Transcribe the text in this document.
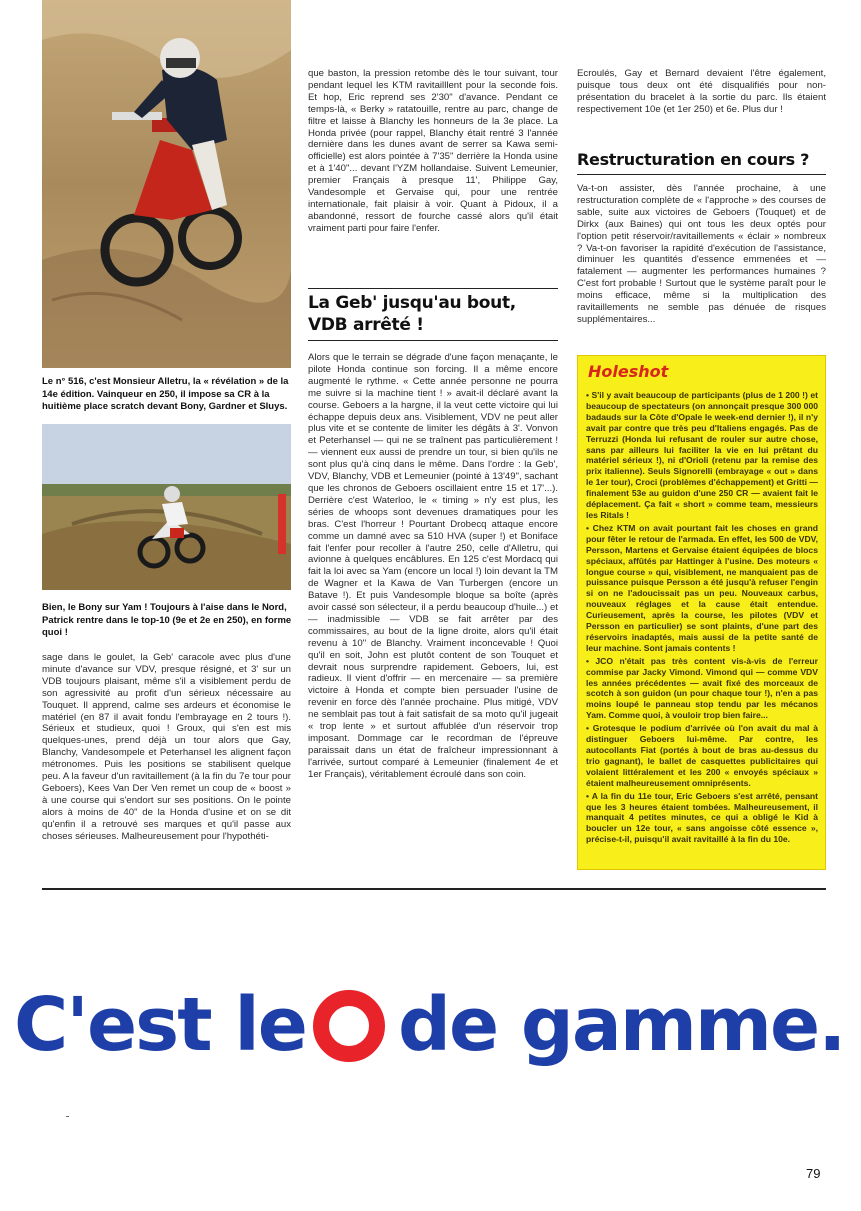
Le n° 516, c'est Monsieur Alletru, la « révélation » de la 14e édition. Vainqueur en 250, il impose sa CR à la huitième place scratch devant Bony, Gardner et Sluys.
Bien, le Bony sur Yam ! Toujours à l'aise dans le Nord, Patrick rentre dans le top-10 (9e et 2e en 250), en forme quoi !
sage dans le goulet, la Geb' caracole avec plus d'une minute d'avance sur VDV, presque résigné, et 3' sur un VDB toujours plaisant, même s'il a visiblement perdu de son agressivité au profit d'un sérieux nécessaire au Touquet. Il apprend, calme ses ardeurs et économise le matériel (en 87 il avait fondu l'embrayage en 2 tours !). Sérieux et studieux, quoi ! Groux, qui s'en est mis quelques-unes, prend déjà un tour alors que Gay, Blanchy, Vandesompele et Peterhansel les alignent façon métronomes. Puis les positions se stabilisent quelque peu. A la faveur d'un ravitaillement (à la fin du 7e tour pour Geboers), Kees Van Der Ven remet un coup de « boost » à une course qui s'endort sur ses positions. On le pointe alors à moins de 40" de la Honda d'usine et on se dit qu'enfin il a retrouvé ses marques et qu'il passe aux choses sérieuses. Malheureusement pour l'hypothéti-
que baston, la pression retombe dès le tour suivant, tour pendant lequel les KTM ravitailllent pour la seconde fois. Et hop, Eric reprend ses 2'30" d'avance. Pendant ce temps-là, « Berky » ratatouille, rentre au parc, change de filtre et laisse à Blanchy les honneurs de la 3e place. La Honda privée (pour rappel, Blanchy était rentré 3 l'année dernière dans les dunes avant de serrer sa Kawa semi-officielle) est alors pointée à 7'35" derrière la Honda usine et à 1'40"... devant l'YZM hollandaise. Suivent Lemeunier, premier Français à presque 11', Philippe Gay, Vandesomple et Gervaise qui, pour une rentrée internationale, fait plaisir à voir. Quant à Pidoux, il a abandonné, ressort de fourche cassé alors qu'il était vraiment parti pour faire l'enfer.
La Geb' jusqu'au bout, VDB arrêté !
Alors que le terrain se dégrade d'une façon menaçante, le pilote Honda continue son forcing. Il a même encore augmenté le rythme. « Cette année personne ne pourra me suivre si la machine tient ! » avait-il déclaré avant la course. Geboers a la hargne, il la veut cette victoire qui lui échappe depuis deux ans. Visiblement, VDV ne peut aller plus vite et se contente de limiter les dégâts à 3'. Vonvon et Peterhansel — qui ne se traînent pas particulièrement ! — viennent eux aussi de prendre un tour, si bien qu'ils ne sont plus qu'à cinq dans le même. Dans l'ordre : la Geb', VDV, Blanchy, VDB et Lemeunier (pointé à 13'49", sachant que les chronos de Geboers oscillaient entre 15 et 17'...). Derrière c'est Waterloo, le « timing » n'y est plus, les séries de whoops sont devenues dramatiques pour les bras. C'est l'horreur ! Pourtant Drobecq attaque encore comme un damné avec sa 510 HVA (super !) et Boniface fait l'enfer pour recoller à l'autre 250, celle d'Alletru, qui avionne à quelques encâblures. En 125 c'est Mordacq qui fait la loi avec sa Yam (encore un local !) loin devant la TM de Wagner et la Kawa de Van Turbergen (encore un Batave !). Et puis Vandesomple bloque sa boîte (après avoir cassé son sélecteur, il a perdu beaucoup d'huile...) et — inadmissible — VDB se fait arrêter par des commissaires, au bout de la ligne droite, alors qu'il était revenu à 10" de Blanchy. Vraiment inconcevable ! Quoi qu'il en soit, John est plutôt content de son Touquet et devrait nous surprendre rapidement. Geboers, lui, est radieux. Il vient d'offrir — en mercenaire — sa première victoire à Honda et compte bien persuader l'usine de revenir en force dès l'année prochaine. Plus mitigé, VDV ne semblait pas tout à fait satisfait de sa moto qu'il jugeait « trop lente » et surtout affublée d'un réservoir trop imposant. Dommage car le recordman de l'épreuve paraissait dans un état de fraîcheur impressionnant à l'arrivée, surtout comparé à Lemeunier (finalement 4e et 1er Français), véritablement écroulé dans son coin.
Ecroulés, Gay et Bernard devaient l'être également, puisque tous deux ont été disqualifiés pour non-présentation du bracelet à la sortie du parc. Ils étaient respectivement 10e (et 1er 250) et 6e. Plus dur !
Restructuration en cours ?
Va-t-on assister, dès l'année prochaine, à une restructuration complète de « l'approche » des courses de sable, suite aux victoires de Geboers (Touquet) et de Dirkx (aux Baines) qui ont tous les deux optés pour l'option petit réservoir/ravitaillements « éclair » nombreux ? Va-t-on favoriser la rapidité d'exécution de l'assistance, diminuer les quantités d'essence emmenées et — fatalement — augmenter les performances humaines ? C'est fort probable ! Surtout que le système paraît pour le moins efficace, même si la multiplication des ravitaillements ne semble pas dénuée de risques supplémentaires...
Holeshot

• S'il y avait beaucoup de participants (plus de 1 200 !) et beaucoup de spectateurs (on annonçait presque 300 000 badauds sur la Côte d'Opale le week-end dernier !), il n'y avait par contre que très peu d'Italiens engagés. Pas de Terruzzi (Honda lui refusant de rouler sur autre chose, sans par ailleurs lui faciliter la vie en lui prêtant du matériel sérieux !), ni d'Orioli (retenu par la remise des prix italienne). Seuls Signorelli (embrayage « out » dans le 1er tour), Croci (problèmes d'échappement) et Gritti — finalement 53e au guidon d'une 250 CR — avaient fait le déplacement. Ça fait « short » comme team, messieurs les Ritals !

• Chez KTM on avait pourtant fait les choses en grand pour fêter le retour de l'armada. En effet, les 500 de VDV, Persson, Martens et Gervaise étaient équipées de blocs spéciaux, affûtés par Hattinger à l'usine. Des moteurs « longue course » qui, visiblement, ne manquaient pas de puissance puisque Persson a été jusqu'à refuser l'engin si on ne l'adoucissait pas un peu. Nouveaux carbus, nouveaux réglages et la cause était entendue. Curieusement, après la course, les pilotes (VDV et Persson en particulier) se sont plaints, d'une part des réservoirs inadaptés, mais aussi de la petite santé de leur machine. Sont jamais contents !

• JCO n'était pas très content vis-à-vis de l'erreur commise par Jacky Vimond. Vimond qui — comme VDV les années précédentes — avait fixé des morceaux de scotch à son guidon (un pour chaque tour !), n'en a pas moins loupé le panneau stop tendu par les mécanos Yam. Comme quoi, à vouloir trop bien faire...

• Grotesque le podium d'arrivée où l'on avait du mal à distinguer Geboers lui-même. Par contre, les autocollants Fiat (portés à bout de bras au-dessus du trio gagnant), le ballet de casquettes publicitaires qui volaient littéralement et les 200 « envoyés spéciaux » étaient malheureusement omniprésents.

• A la fin du 11e tour, Eric Geboers s'est arrêté, pensant que les 3 heures étaient tombées. Malheureusement, il manquait 4 petites minutes, ce qui a obligé le Kid à boucler un 12e tour, « sans angoisse côté essence », précise-t-il, puisqu'il avait ravitaillé à la fin du 10e.

C'est le de gamme.
79
